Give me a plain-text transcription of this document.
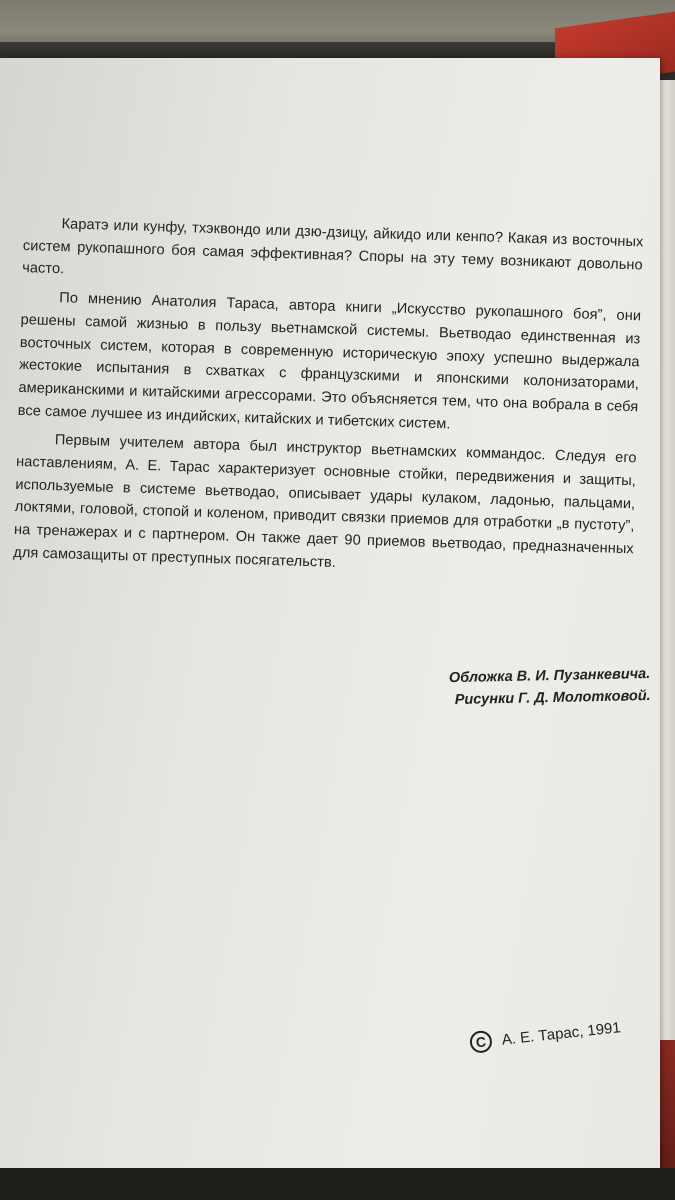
Каратэ или кунфу, тхэквондо или дзю-дзицу, айкидо или кенпо? Какая из восточных систем рукопашного боя самая эффективная? Споры на эту тему возникают довольно часто.

По мнению Анатолия Тараса, автора книги „Искусство рукопашного боя”, они решены самой жизнью в пользу вьетнамской системы. Вьетводао единственная из восточных систем, которая в современную историческую эпоху успешно выдержала жестокие испытания в схватках с французскими и японскими колонизаторами, американскими и китайскими агрессорами. Это объясняется тем, что она вобрала в себя все самое лучшее из индийских, китайских и тибетских систем.

Первым учителем автора был инструктор вьетнамских коммандос. Следуя его наставлениям, А. Е. Тарас характеризует основные стойки, передвижения и защиты, используемые в системе вьетводао, описывает удары кулаком, ладонью, пальцами, локтями, головой, стопой и коленом, приводит связки приемов для отработки „в пустоту”, на тренажерах и с партнером. Он также дает 90 приемов вьетводао, предназначенных для самозащиты от преступных посягательств.

Обложка В. И. Пузанкевича.
Рисунки Г. Д. Молотковой.
C А. Е. Тарас, 1991
